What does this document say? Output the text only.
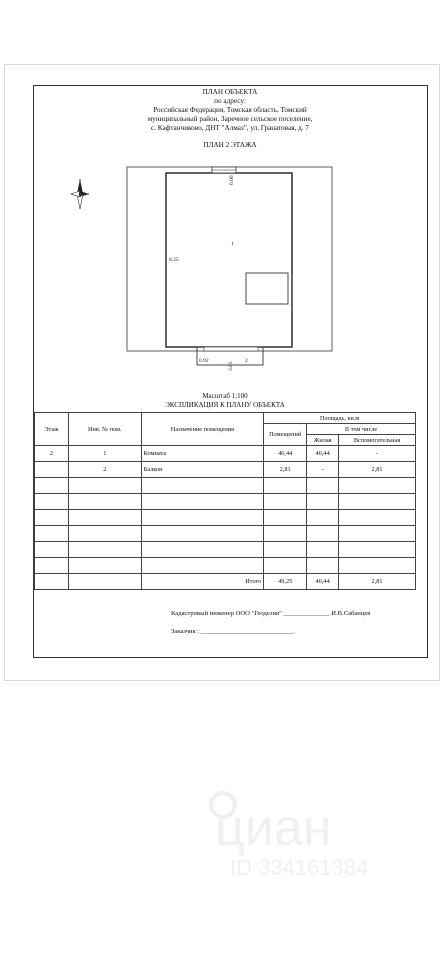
ПЛАН ОБЪЕКТА
по адресу:
Российская Федерация, Томская область, Томский
муниципальный район, Заречное сельское поселение,
с. Кафтанчиково, ДНТ "Алмаз", ул. Гранатовая, д. 7
ПЛАН 2 ЭТАЖА
6.00
8.25
1
0.92
3.05
2
Масштаб 1:100
ЭКСПЛИКАЦИЯ К ПЛАНУ ОБЪЕКТА
Этаж	Инв. № пом.	Назначение помещения	Площадь, кв.м		
			Помещений	В том числе	
				Жилая	Вспомогательная
2	1	Комната	46,44	46,44	-
	2	Балкон	2,81	-	2,81

		Итого	49,25	46,44	2,81
Кадастровый инженер ООО "Геодезия" ______________ И.В.Сабанцев
Заказчик : ____________________________.
циан
ID 334161384
